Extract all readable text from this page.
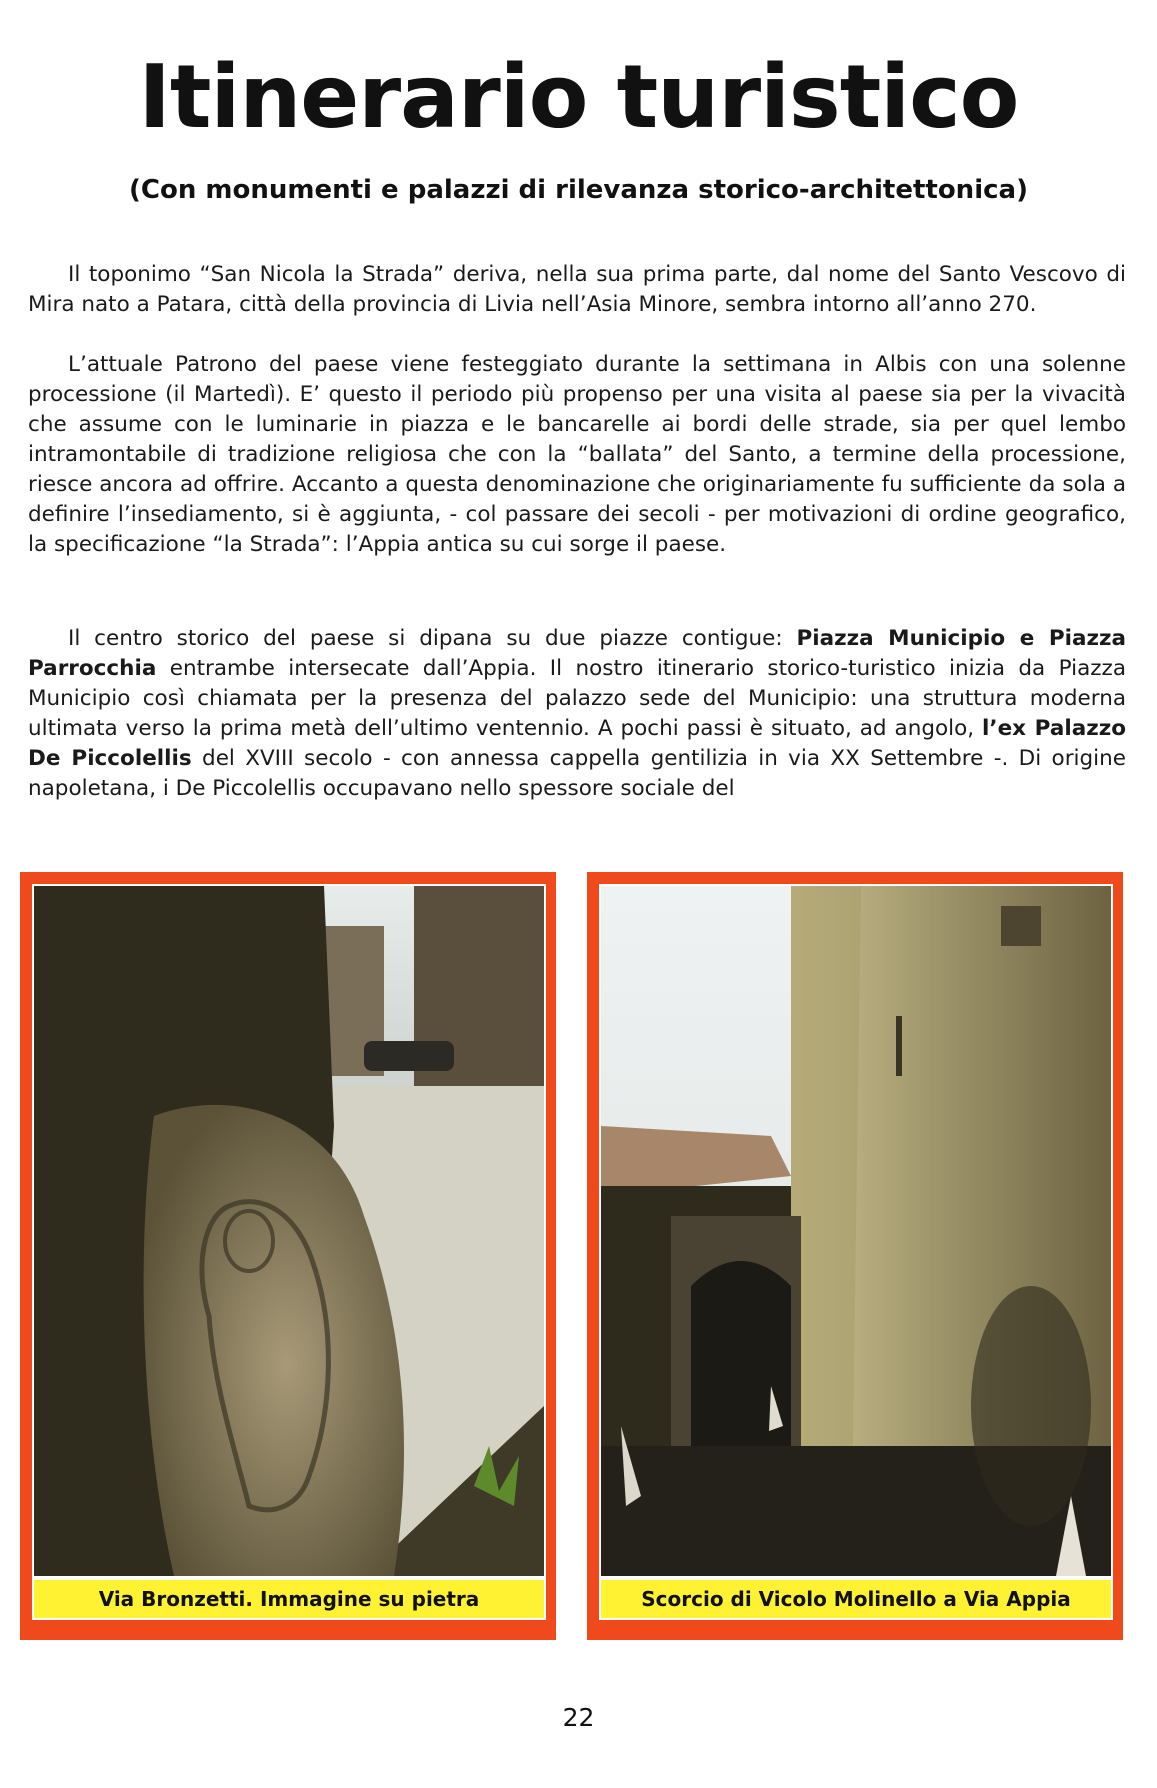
Itinerario turistico
(Con monumenti e palazzi di rilevanza storico-architettonica)

Il toponimo “San Nicola la Strada” deriva, nella sua prima parte, dal nome del Santo Vescovo di Mira nato a Patara, città della provincia di Livia nell’Asia Minore, sembra intorno all’anno 270.

L’attuale Patrono del paese viene festeggiato durante la settimana in Albis con una solenne processione (il Martedì). E’ questo il periodo più propenso per una visita al paese sia per la vivacità che assume con le luminarie in piazza e le bancarelle ai bordi delle strade, sia per quel lembo intramontabile di tradizione religiosa che con la “ballata” del Santo, a termine della processione, riesce ancora ad offrire. Accanto a questa denominazione che originariamente fu sufficiente da sola a definire l’insediamento, si è aggiunta, - col passare dei secoli - per motivazioni di ordine geografico, la specificazione “la Strada”: l’Appia antica su cui sorge il paese.

Il centro storico del paese si dipana su due piazze contigue: Piazza Municipio e Piazza Parrocchia entrambe intersecate dall’Appia. Il nostro itinerario storico-turistico inizia da Piazza Municipio così chiamata per la presenza del palazzo sede del Municipio: una struttura moderna ultimata verso la prima metà dell’ultimo ventennio. A pochi passi è situato, ad angolo, l’ex Palazzo De Piccolellis del XVIII secolo - con annessa cappella gentilizia in via XX Settembre -. Di origine napoletana, i De Piccolellis occupavano nello spessore sociale del

Via Bronzetti. Immagine su pietra	Scorcio di Vicolo Molinello a Via Appia
22
